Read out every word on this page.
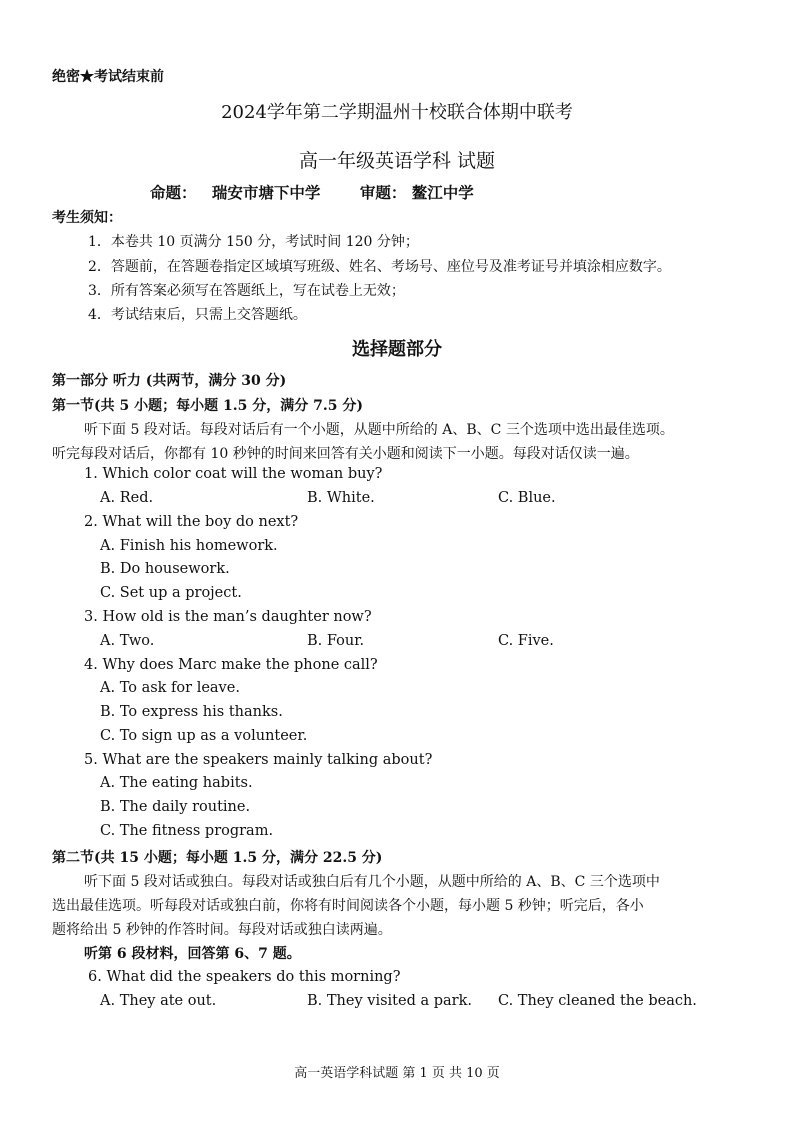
绝密★考试结束前
2024学年第二学期温州十校联合体期中联考
高一年级英语学科 试题
命题： 瑞安市塘下中学	审题： 鳌江中学
考生须知：
1．本卷共 10 页满分 150 分，考试时间 120 分钟；
2．答题前，在答题卷指定区域填写班级、姓名、考场号、座位号及准考证号并填涂相应数字。
3．所有答案必须写在答题纸上，写在试卷上无效；
4．考试结束后，只需上交答题纸。
选择题部分
第一部分 听力 (共两节，满分 30 分)
第一节(共 5 小题；每小题 1.5 分，满分 7.5 分)
听下面 5 段对话。每段对话后有一个小题，从题中所给的 A、B、C 三个选项中选出最佳选项。
听完每段对话后，你都有 10 秒钟的时间来回答有关小题和阅读下一小题。每段对话仅读一遍。
1. Which color coat will the woman buy?
A. Red.	B. White.	C. Blue.
2. What will the boy do next?
A. Finish his homework.
B. Do housework.
C. Set up a project.
3. How old is the man’s daughter now?
A. Two.	B. Four.	C. Five.
4. Why does Marc make the phone call?
A. To ask for leave.
B. To express his thanks.
C. To sign up as a volunteer.
5. What are the speakers mainly talking about?
A. The eating habits.
B. The daily routine.
C. The fitness program.
第二节(共 15 小题；每小题 1.5 分，满分 22.5 分)
听下面 5 段对话或独白。每段对话或独白后有几个小题，从题中所给的 A、B、C 三个选项中
选出最佳选项。听每段对话或独白前，你将有时间阅读各个小题，每小题 5 秒钟；听完后，各小
题将给出 5 秒钟的作答时间。每段对话或独白读两遍。
听第 6 段材料，回答第 6、7 题。
6. What did the speakers do this morning?
A. They ate out.	B. They visited a park. C. They cleaned the beach.
高一英语学科试题 第 1 页 共 10 页
